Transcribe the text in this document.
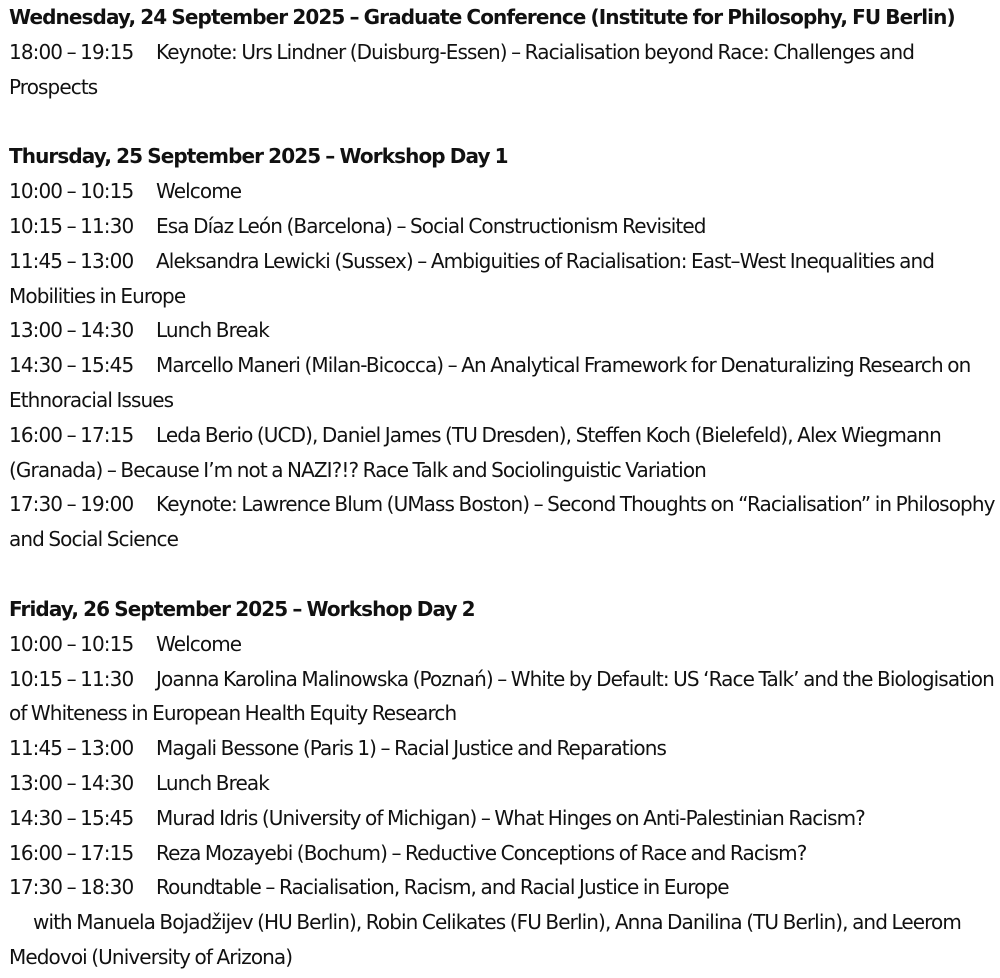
Wednesday, 24 September 2025 – Graduate Conference (Institute for Philosophy, FU Berlin)

18:00 – 19:15 Keynote: Urs Lindner (Duisburg-Essen) – Racialisation beyond Race: Challenges and Prospects

Thursday, 25 September 2025 – Workshop Day 1

10:00 – 10:15 Welcome

10:15 – 11:30 Esa Díaz León (Barcelona) – Social Constructionism Revisited

11:45 – 13:00 Aleksandra Lewicki (Sussex) – Ambiguities of Racialisation: East–West Inequalities and Mobilities in Europe

13:00 – 14:30 Lunch Break

14:30 – 15:45 Marcello Maneri (Milan-Bicocca) – An Analytical Framework for Denaturalizing Research on Ethnoracial Issues

16:00 – 17:15 Leda Berio (UCD), Daniel James (TU Dresden), Steffen Koch (Bielefeld), Alex Wiegmann (Granada) – Because I’m not a NAZI?!? Race Talk and Sociolinguistic Variation

17:30 – 19:00 Keynote: Lawrence Blum (UMass Boston) – Second Thoughts on “Racialisation” in Philosophy and Social Science

Friday, 26 September 2025 – Workshop Day 2

10:00 – 10:15 Welcome

10:15 – 11:30 Joanna Karolina Malinowska (Poznań) – White by Default: US ‘Race Talk’ and the Biologisation of Whiteness in European Health Equity Research

11:45 – 13:00 Magali Bessone (Paris 1) – Racial Justice and Reparations

13:00 – 14:30 Lunch Break

14:30 – 15:45 Murad Idris (University of Michigan) – What Hinges on Anti-Palestinian Racism?

16:00 – 17:15 Reza Mozayebi (Bochum) – Reductive Conceptions of Race and Racism?

17:30 – 18:30 Roundtable – Racialisation, Racism, and Racial Justice in Europe

with Manuela Bojadžijev (HU Berlin), Robin Celikates (FU Berlin), Anna Danilina (TU Berlin), and Leerom Medovoi (University of Arizona)
